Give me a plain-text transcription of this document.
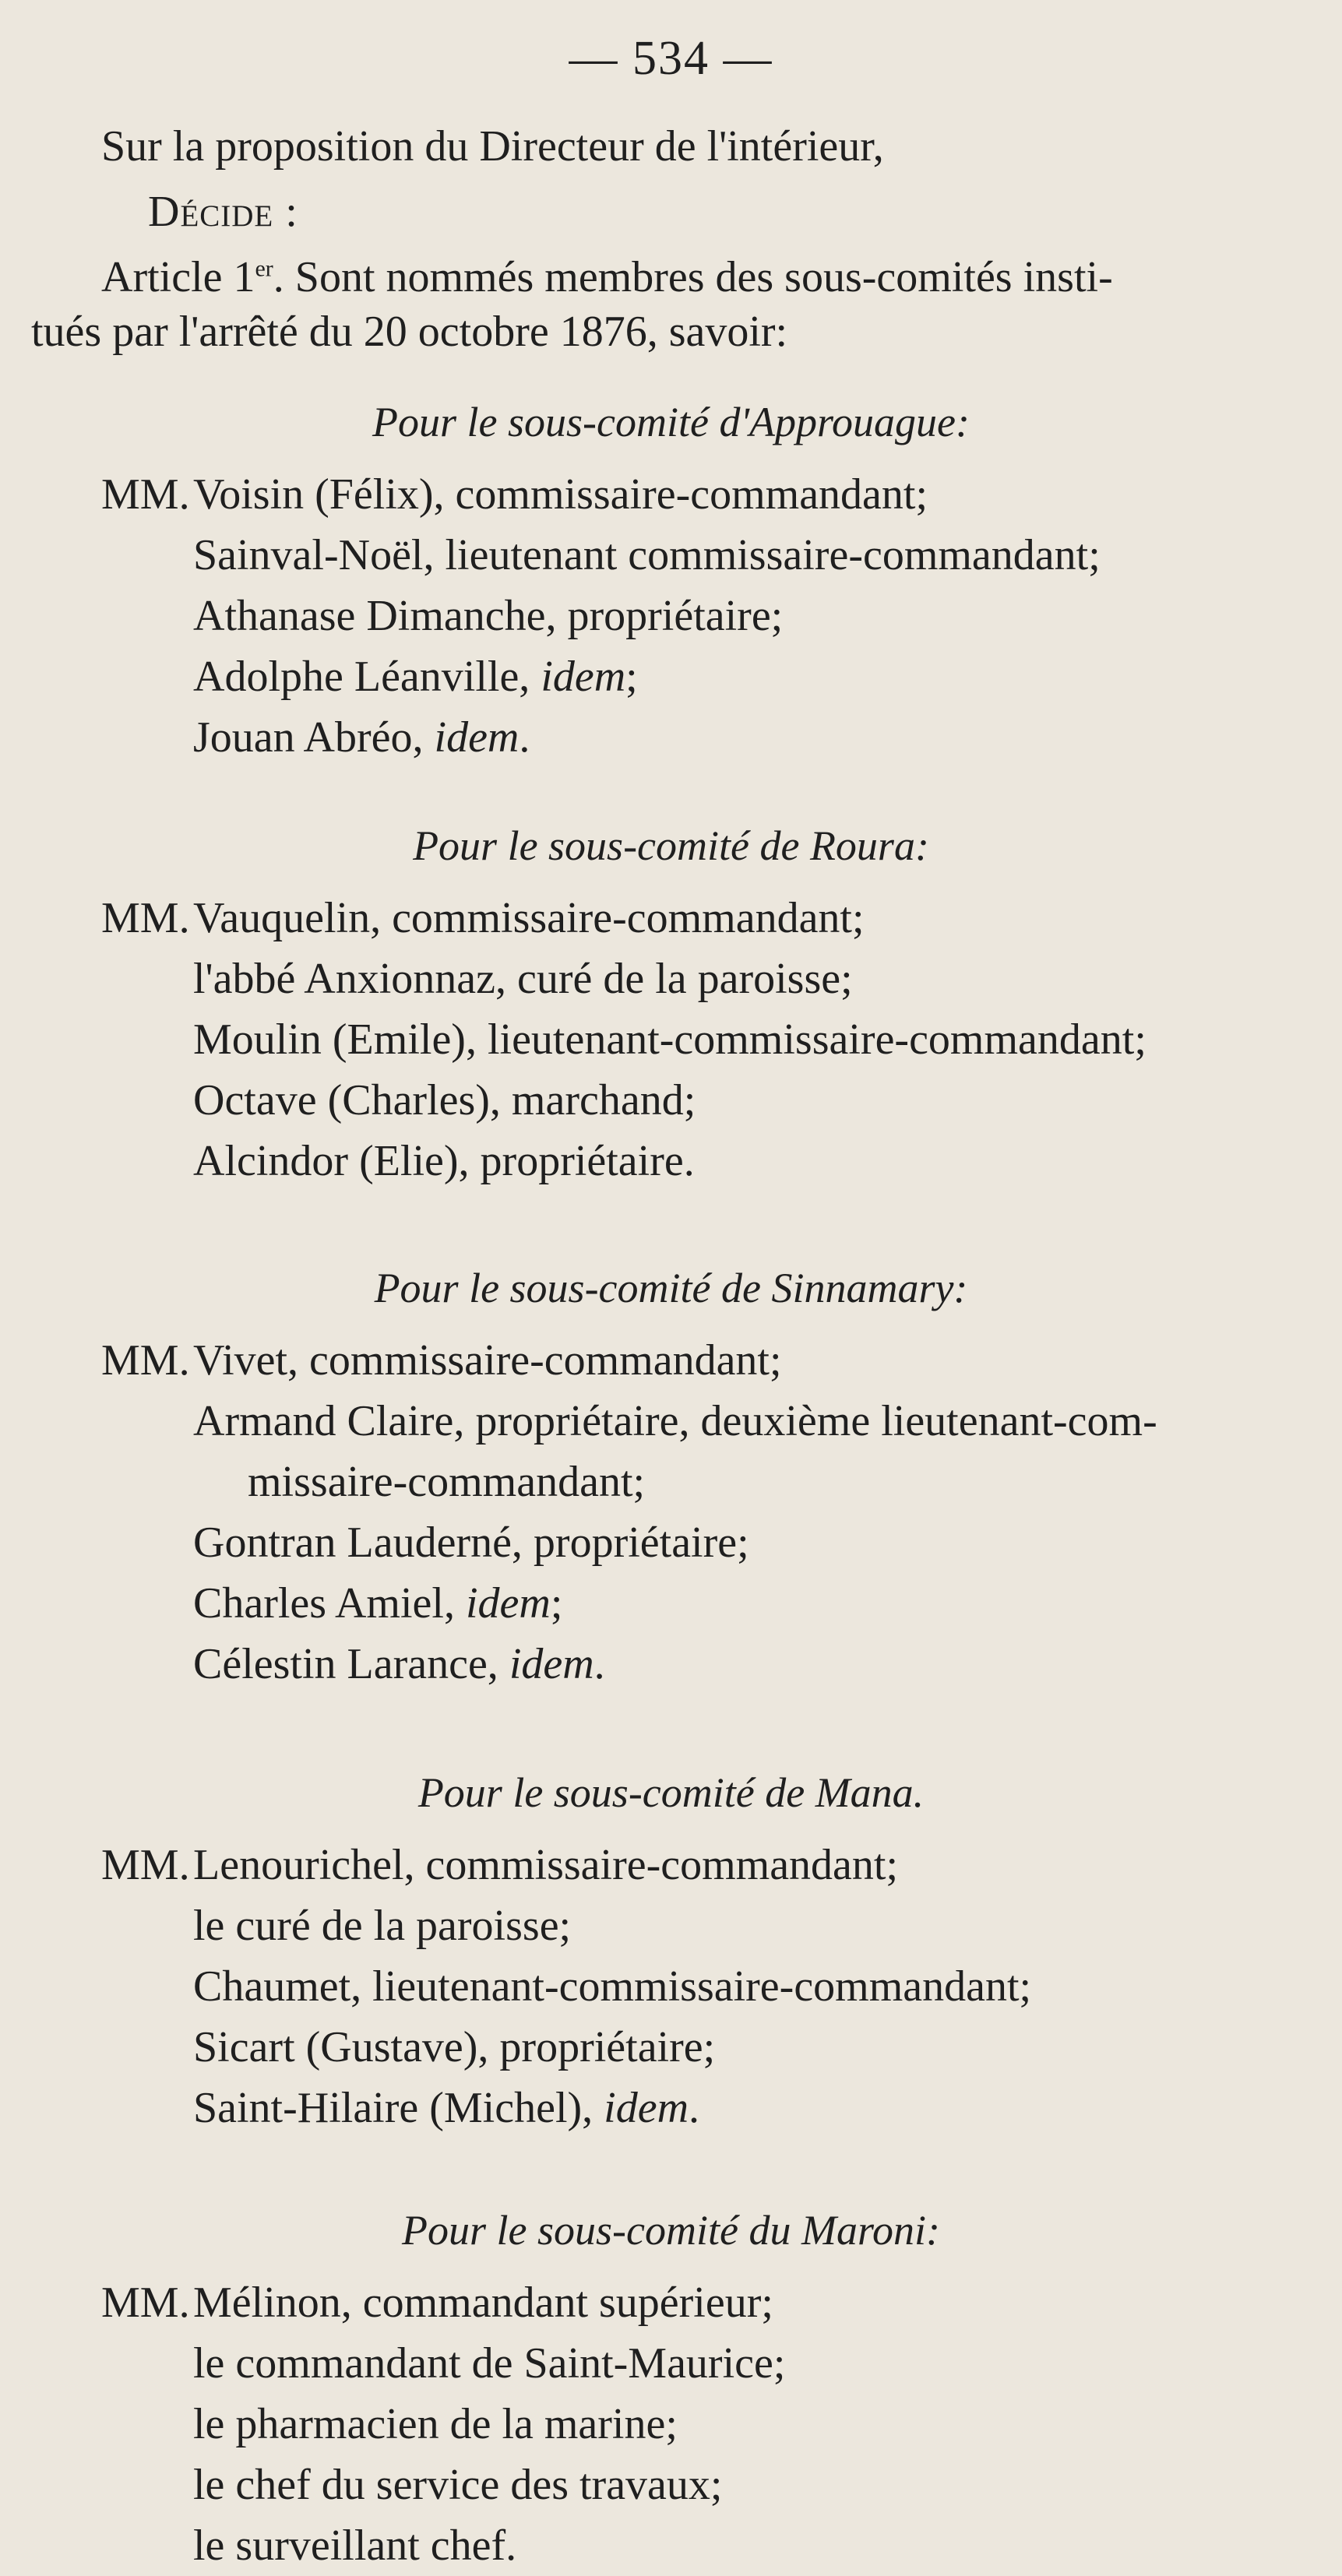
— 534 —
Sur la proposition du Directeur de l'intérieur,
Décide :
Article 1er. Sont nommés membres des sous-comités insti-
tués par l'arrêté du 20 octobre 1876, savoir:
Pour le sous-comité d'Approuague:
MM. Voisin (Félix), commissaire-commandant;
Sainval-Noël, lieutenant commissaire-commandant;
Athanase Dimanche, propriétaire;
Adolphe Léanville, idem;
Jouan Abréo, idem.
Pour le sous-comité de Roura:
MM. Vauquelin, commissaire-commandant;
l'abbé Anxionnaz, curé de la paroisse;
Moulin (Emile), lieutenant-commissaire-commandant;
Octave (Charles), marchand;
Alcindor (Elie), propriétaire.
Pour le sous-comité de Sinnamary:
MM. Vivet, commissaire-commandant;
Armand Claire, propriétaire, deuxième lieutenant-com-
missaire-commandant;
Gontran Lauderné, propriétaire;
Charles Amiel, idem;
Célestin Larance, idem.
Pour le sous-comité de Mana.
MM. Lenourichel, commissaire-commandant;
le curé de la paroisse;
Chaumet, lieutenant-commissaire-commandant;
Sicart (Gustave), propriétaire;
Saint-Hilaire (Michel), idem.
Pour le sous-comité du Maroni:
MM. Mélinon, commandant supérieur;
le commandant de Saint-Maurice;
le pharmacien de la marine;
le chef du service des travaux;
le surveillant chef.
